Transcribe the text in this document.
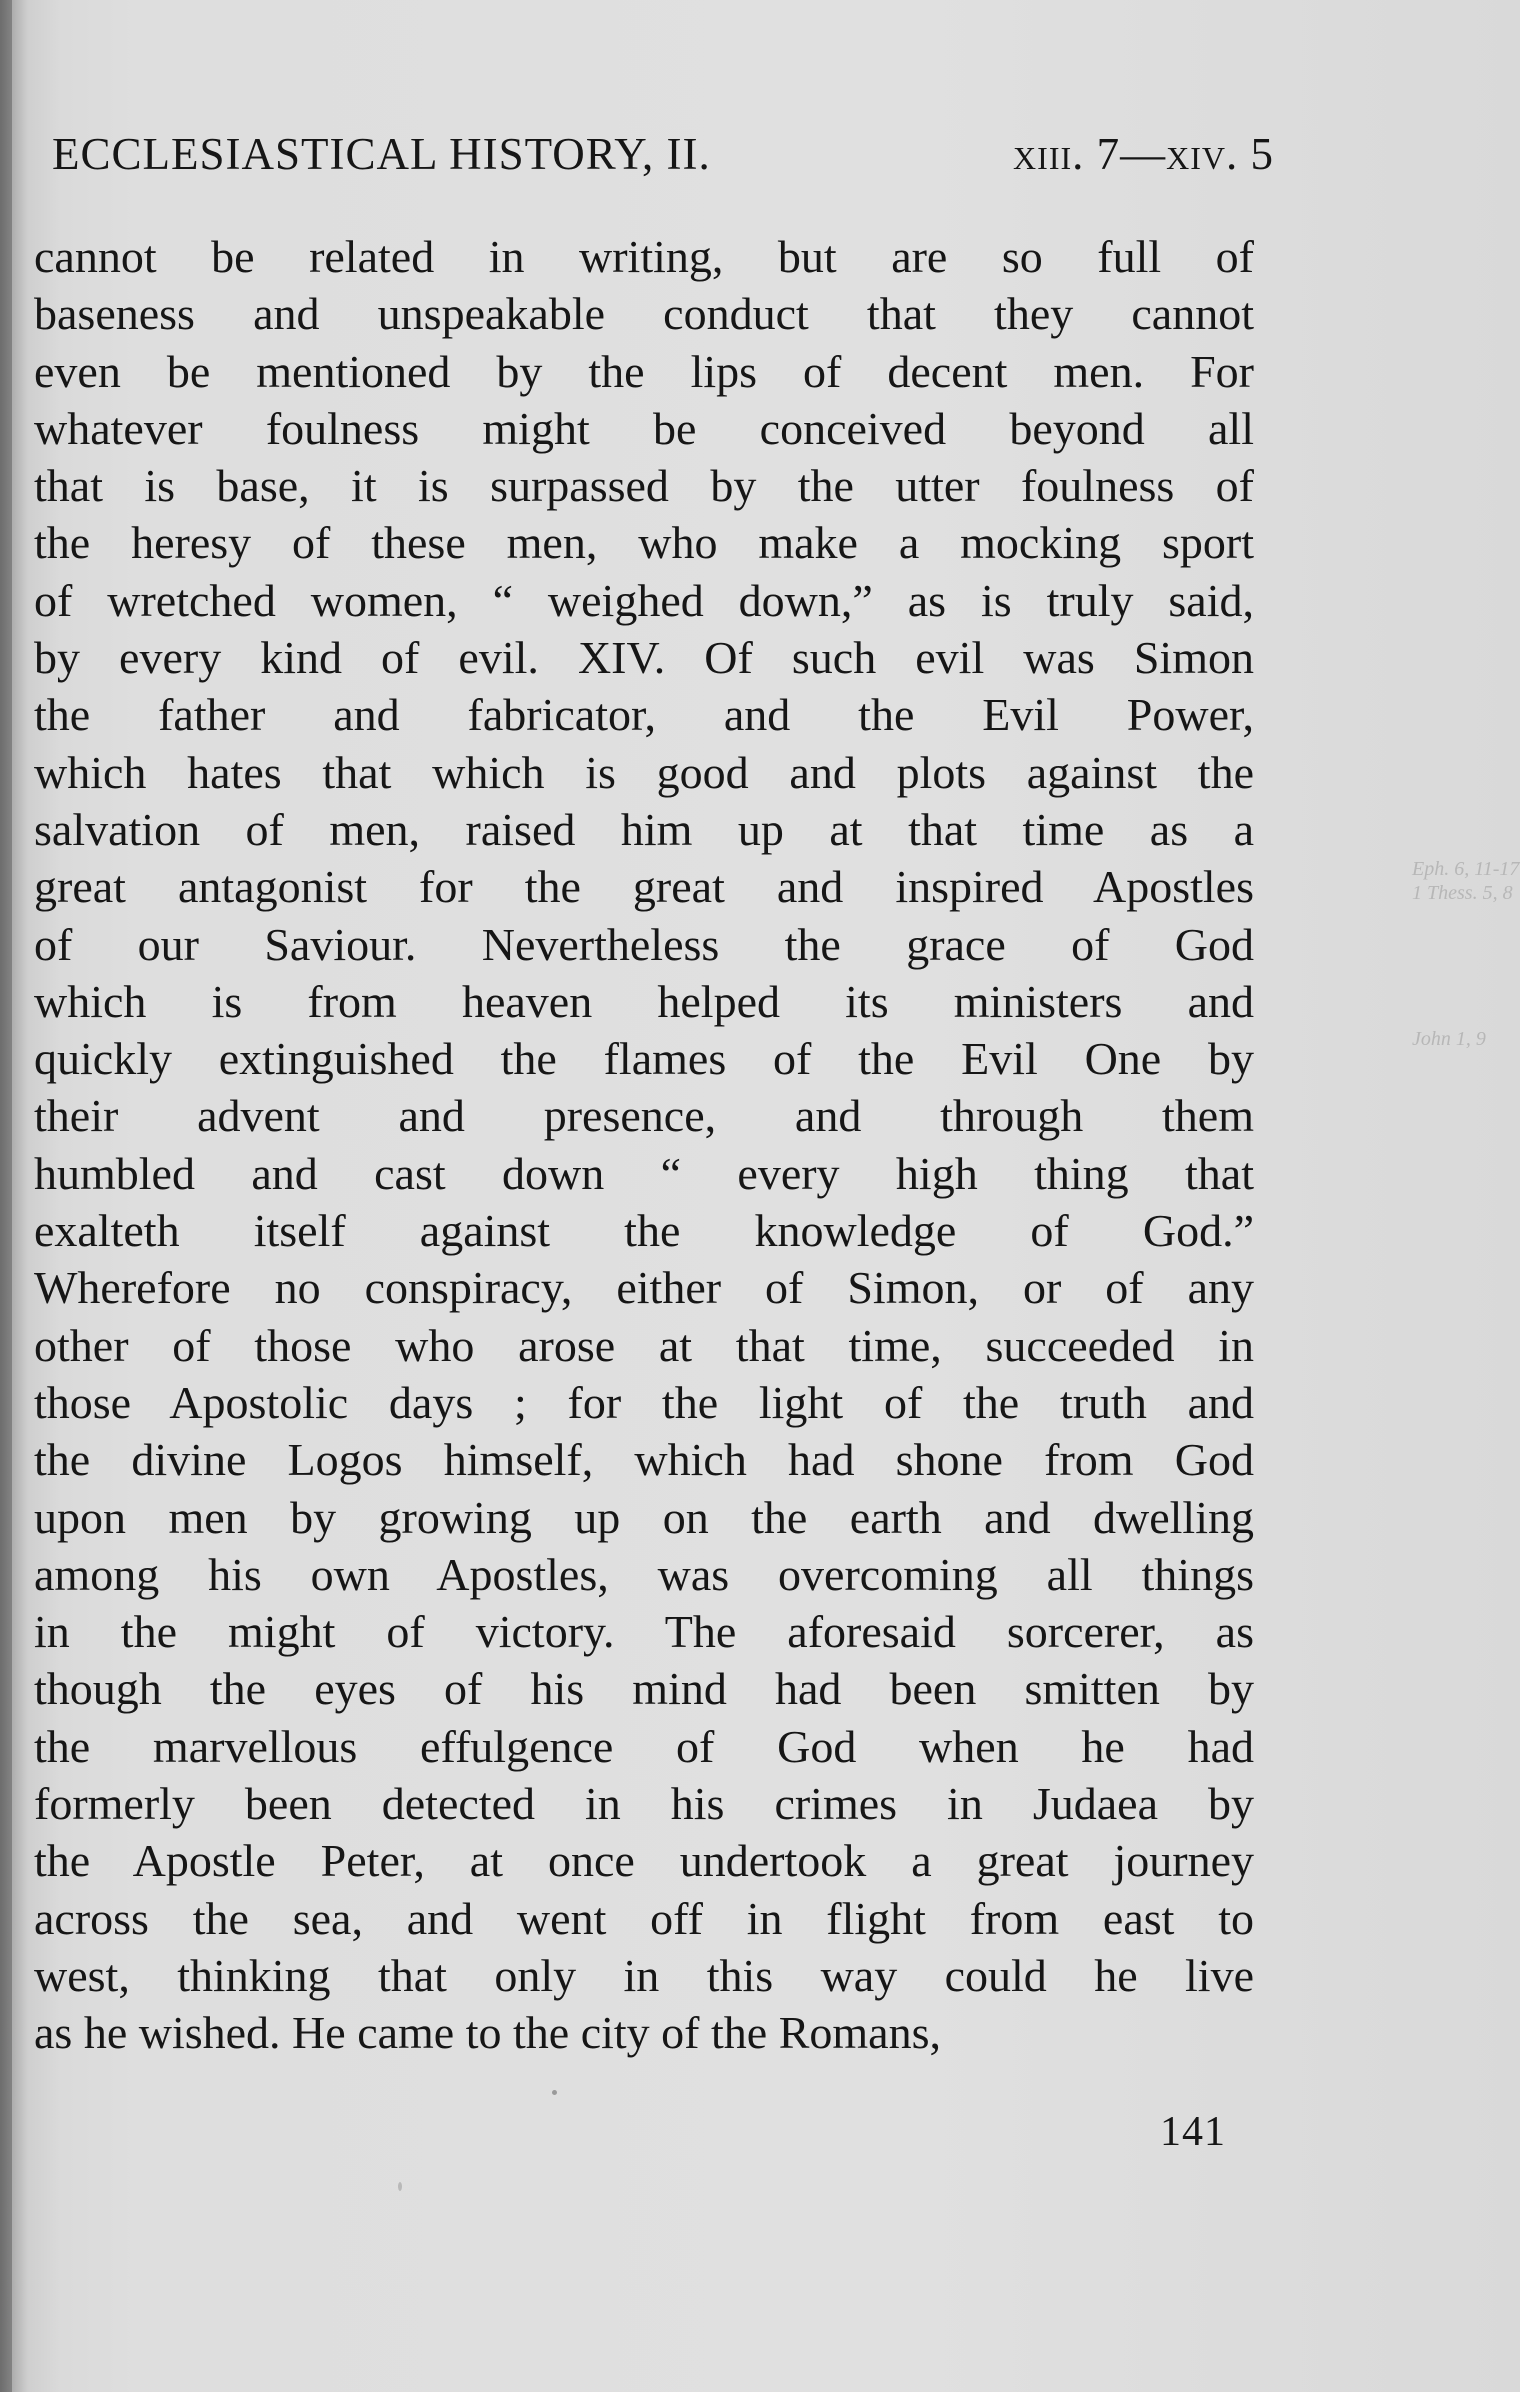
ECCLESIASTICAL HISTORY, II.	xiii. 7—xiv. 5
cannot be related in writing, but are so full of
baseness and unspeakable conduct that they cannot
even be mentioned by the lips of decent men. For
whatever foulness might be conceived beyond all
that is base, it is surpassed by the utter foulness of
the heresy of these men, who make a mocking sport
of wretched women, “ weighed down,” as is truly said,
by every kind of evil. XIV. Of such evil was Simon
the father and fabricator, and the Evil Power,
which hates that which is good and plots against the
salvation of men, raised him up at that time as a
great antagonist for the great and inspired Apostles
of our Saviour. Nevertheless the grace of God
which is from heaven helped its ministers and
quickly extinguished the flames of the Evil One by
their advent and presence, and through them
humbled and cast down “ every high thing that
exalteth itself against the knowledge of God.”
Wherefore no conspiracy, either of Simon, or of any
other of those who arose at that time, succeeded in
those Apostolic days ; for the light of the truth and
the divine Logos himself, which had shone from God
upon men by growing up on the earth and dwelling
among his own Apostles, was overcoming all things
in the might of victory. The aforesaid sorcerer, as
though the eyes of his mind had been smitten by
the marvellous effulgence of God when he had
formerly been detected in his crimes in Judaea by
the Apostle Peter, at once undertook a great journey
across the sea, and went off in flight from east to
west, thinking that only in this way could he live
as he wished. He came to the city of the Romans,
Eph. 6, 11-17
1 Thess. 5, 8
John 1, 9
141
